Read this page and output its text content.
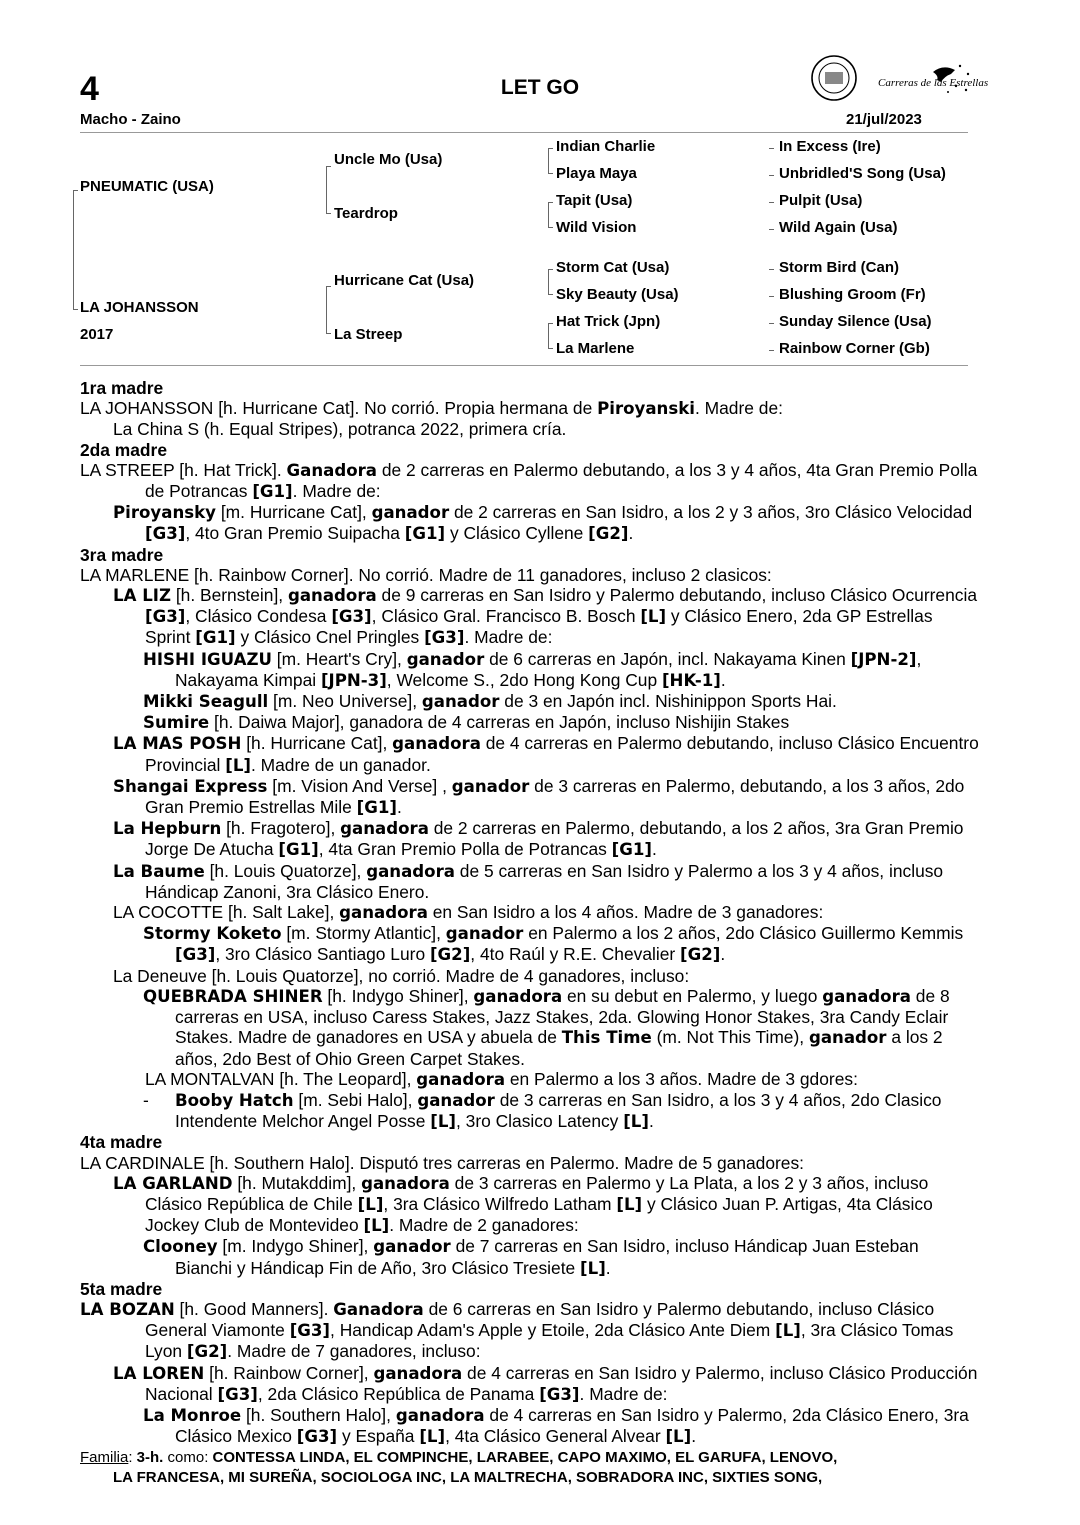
4	LET GO
Macho - Zaino	21/jul/2023
Carreras de las Estrellas
PNEUMATIC (USA)
LA JOHANSSON
2017
Uncle Mo (Usa)
Teardrop
Hurricane Cat (Usa)
La Streep
Indian Charlie
Playa Maya
Tapit (Usa)
Wild Vision
Storm Cat (Usa)
Sky Beauty (Usa)
Hat Trick (Jpn)
La Marlene
In Excess (Ire)
Unbridled'S Song (Usa)
Pulpit (Usa)
Wild Again (Usa)
Storm Bird (Can)
Blushing Groom (Fr)
Sunday Silence (Usa)
Rainbow Corner (Gb)

1ra madre

LA JOHANSSON [h. Hurricane Cat]. No corrió. Propia hermana de Piroyanski. Madre de:

La China S (h. Equal Stripes), potranca 2022, primera cría.

2da madre

LA STREEP [h. Hat Trick]. Ganadora de 2 carreras en Palermo debutando, a los 3 y 4 años, 4ta Gran Premio Polla de Potrancas [G1]. Madre de:

Piroyansky [m. Hurricane Cat], ganador de 2 carreras en San Isidro, a los 2 y 3 años, 3ro Clásico Velocidad [G3], 4to Gran Premio Suipacha [G1] y Clásico Cyllene [G2].

3ra madre

LA MARLENE [h. Rainbow Corner]. No corrió. Madre de 11 ganadores, incluso 2 clasicos:

LA LIZ [h. Bernstein], ganadora de 9 carreras en San Isidro y Palermo debutando, incluso Clásico Ocurrencia [G3], Clásico Condesa [G3], Clásico Gral. Francisco B. Bosch [L] y Clásico Enero, 2da GP Estrellas Sprint [G1] y Clásico Cnel Pringles [G3]. Madre de:

HISHI IGUAZU [m. Heart's Cry], ganador de 6 carreras en Japón, incl. Nakayama Kinen [JPN-2], Nakayama Kimpai [JPN-3], Welcome S., 2do Hong Kong Cup [HK-1].

Mikki Seagull [m. Neo Universe], ganador de 3 en Japón incl. Nishinippon Sports Hai.

Sumire [h. Daiwa Major], ganadora de 4 carreras en Japón, incluso Nishijin Stakes

LA MAS POSH [h. Hurricane Cat], ganadora de 4 carreras en Palermo debutando, incluso Clásico Encuentro Provincial [L]. Madre de un ganador.

Shangai Express [m. Vision And Verse] , ganador de 3 carreras en Palermo, debutando, a los 3 años, 2do Gran Premio Estrellas Mile [G1].

La Hepburn [h. Fragotero], ganadora de 2 carreras en Palermo, debutando, a los 2 años, 3ra Gran Premio Jorge De Atucha [G1], 4ta Gran Premio Polla de Potrancas [G1].

La Baume [h. Louis Quatorze], ganadora de 5 carreras en San Isidro y Palermo a los 3 y 4 años, incluso Hándicap Zanoni, 3ra Clásico Enero.

LA COCOTTE [h. Salt Lake], ganadora en San Isidro a los 4 años. Madre de 3 ganadores:

Stormy Koketo [m. Stormy Atlantic], ganador en Palermo a los 2 años, 2do Clásico Guillermo Kemmis [G3], 3ro Clásico Santiago Luro [G2], 4to Raúl y R.E. Chevalier [G2].

La Deneuve [h. Louis Quatorze], no corrió. Madre de 4 ganadores, incluso:

QUEBRADA SHINER [h. Indygo Shiner], ganadora en su debut en Palermo, y luego ganadora de 8 carreras en USA, incluso Caress Stakes, Jazz Stakes, 2da. Glowing Honor Stakes, 3ra Candy Eclair Stakes. Madre de ganadores en USA y abuela de This Time (m. Not This Time), ganador a los 2 años, 2do Best of Ohio Green Carpet Stakes.

LA MONTALVAN [h. The Leopard], ganadora en Palermo a los 3 años. Madre de 3 gdores:

- Booby Hatch [m. Sebi Halo], ganador de 3 carreras en San Isidro, a los 3 y 4 años, 2do Clasico Intendente Melchor Angel Posse [L], 3ro Clasico Latency [L].

4ta madre

LA CARDINALE [h. Southern Halo]. Disputó tres carreras en Palermo. Madre de 5 ganadores:

LA GARLAND [h. Mutakddim], ganadora de 3 carreras en Palermo y La Plata, a los 2 y 3 años, incluso Clásico República de Chile [L], 3ra Clásico Wilfredo Latham [L] y Clásico Juan P. Artigas, 4ta Clásico Jockey Club de Montevideo [L]. Madre de 2 ganadores:

Clooney [m. Indygo Shiner], ganador de 7 carreras en San Isidro, incluso Hándicap Juan Esteban Bianchi y Hándicap Fin de Año, 3ro Clásico Tresiete [L].

5ta madre

LA BOZAN [h. Good Manners]. Ganadora de 6 carreras en San Isidro y Palermo debutando, incluso Clásico General Viamonte [G3], Handicap Adam's Apple y Etoile, 2da Clásico Ante Diem [L], 3ra Clásico Tomas Lyon [G2]. Madre de 7 ganadores, incluso:

LA LOREN [h. Rainbow Corner], ganadora de 4 carreras en San Isidro y Palermo, incluso Clásico Producción Nacional [G3], 2da Clásico República de Panama [G3]. Madre de:

La Monroe [h. Southern Halo], ganadora de 4 carreras en San Isidro y Palermo, 2da Clásico Enero, 3ra Clásico Mexico [G3] y España [L], 4ta Clásico General Alvear [L].

Familia: 3-h. como: CONTESSA LINDA, EL COMPINCHE, LARABEE, CAPO MAXIMO, EL GARUFA, LENOVO,

LA FRANCESA, MI SUREÑA, SOCIOLOGA INC, LA MALTRECHA, SOBRADORA INC, SIXTIES SONG,
